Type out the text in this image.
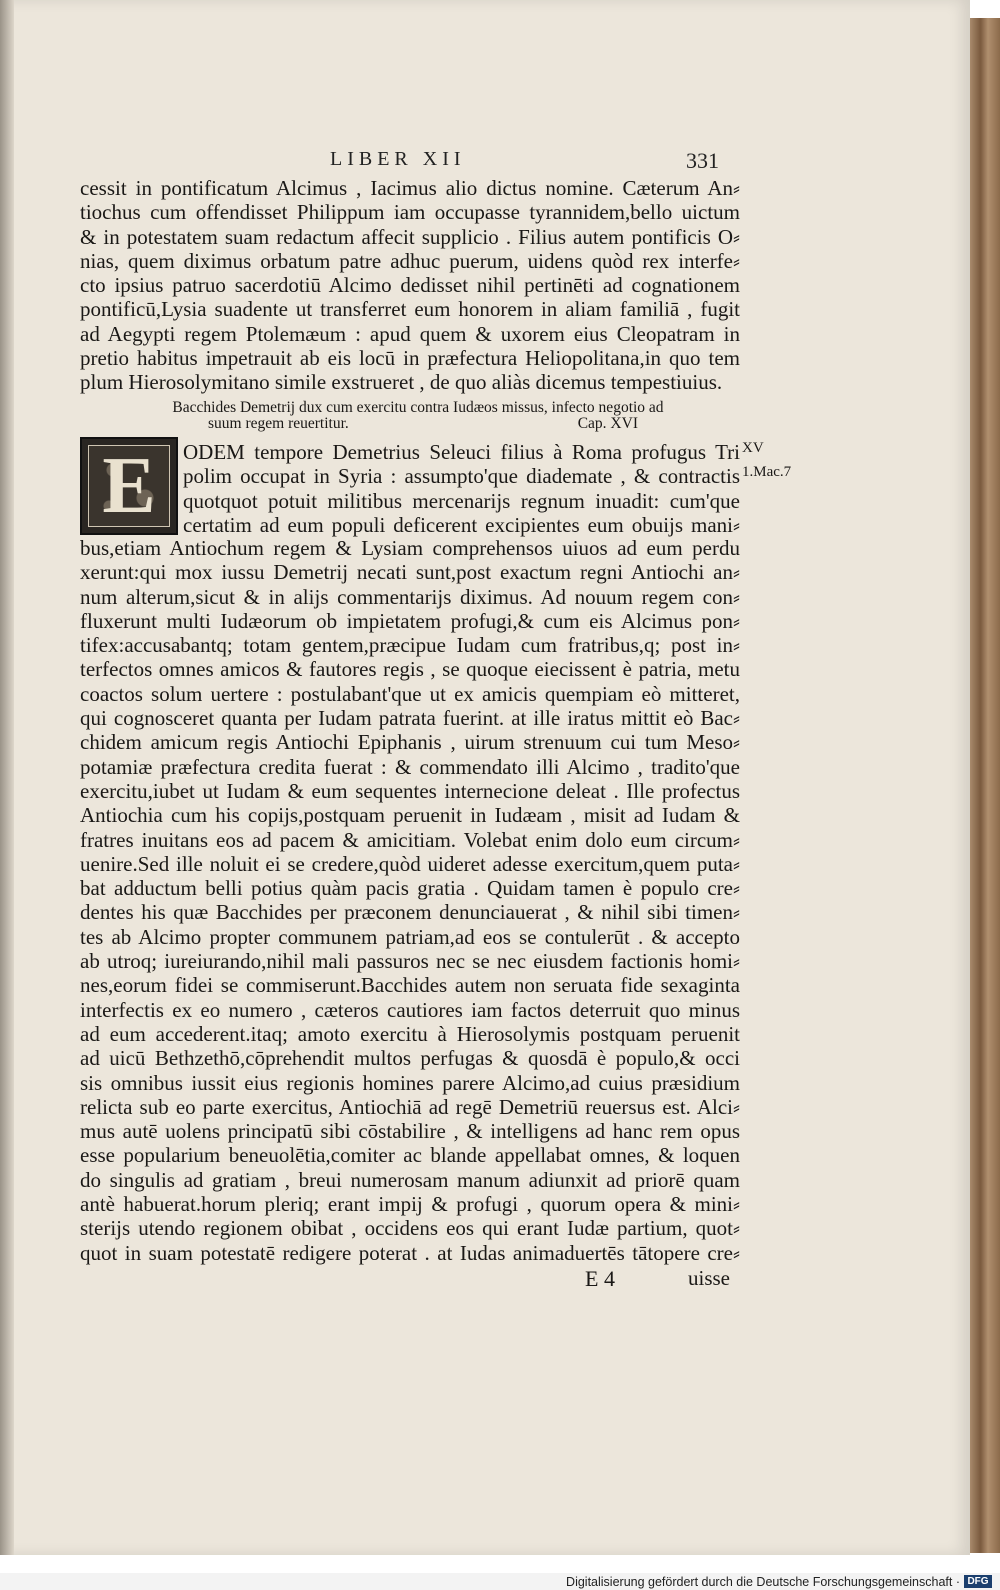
LIBER XII	331
cessit in pontificatum Alcimus , Iacimus alio dictus nomine. Cæterum An⸗
tiochus cum offendisset Philippum iam occupasse tyrannidem,bello uictum
& in potestatem suam redactum affecit supplicio . Filius autem pontificis O⸗
nias, quem diximus orbatum patre adhuc puerum, uidens quòd rex interfe⸗
cto ipsius patruo sacerdotiū Alcimo dedisset nihil pertinēti ad cognationem
pontificū,Lysia suadente ut transferret eum honorem in aliam familiā , fugit
ad Aegypti regem Ptolemæum : apud quem & uxorem eius Cleopatram in
pretio habitus impetrauit ab eis locū in præfectura Heliopolitana,in quo tem
plum Hierosolymitano simile exstrueret , de quo aliàs dicemus tempestiuius.
Bacchides Demetrij dux cum exercitu contra Iudæos missus, infecto negotio ad
suum regem reuertitur.	Cap. XVI
E	ODEM tempore Demetrius Seleuci filius à Roma profugus Tri
polim occupat in Syria : assumpto'que diademate , & contractis
quotquot potuit militibus mercenarijs regnum inuadit: cum'que
certatim ad eum populi deficerent excipientes eum obuijs mani⸗
XV
1.Mac.7
bus,etiam Antiochum regem & Lysiam comprehensos uiuos ad eum perdu
xerunt:qui mox iussu Demetrij necati sunt,post exactum regni Antiochi an⸗
num alterum,sicut & in alijs commentarijs diximus. Ad nouum regem con⸗
fluxerunt multi Iudæorum ob impietatem profugi,& cum eis Alcimus pon⸗
tifex:accusabantq; totam gentem,præcipue Iudam cum fratribus,q; post in⸗
terfectos omnes amicos & fautores regis , se quoque eiecissent è patria, metu
coactos solum uertere : postulabant'que ut ex amicis quempiam eò mitteret,
qui cognosceret quanta per Iudam patrata fuerint. at ille iratus mittit eò Bac⸗
chidem amicum regis Antiochi Epiphanis , uirum strenuum cui tum Meso⸗
potamiæ præfectura credita fuerat : & commendato illi Alcimo , tradito'que
exercitu,iubet ut Iudam & eum sequentes internecione deleat . Ille profectus
Antiochia cum his copijs,postquam peruenit in Iudæam , misit ad Iudam &
fratres inuitans eos ad pacem & amicitiam. Volebat enim dolo eum circum⸗
uenire.Sed ille noluit ei se credere,quòd uideret adesse exercitum,quem puta⸗
bat adductum belli potius quàm pacis gratia . Quidam tamen è populo cre⸗
dentes his quæ Bacchides per præconem denunciauerat , & nihil sibi timen⸗
tes ab Alcimo propter communem patriam,ad eos se contulerūt . & accepto
ab utroq; iureiurando,nihil mali passuros nec se nec eiusdem factionis homi⸗
nes,eorum fidei se commiserunt.Bacchides autem non seruata fide sexaginta
interfectis ex eo numero , cæteros cautiores iam factos deterruit quo minus
ad eum accederent.itaq; amoto exercitu à Hierosolymis postquam peruenit
ad uicū Bethzethō,cōprehendit multos perfugas & quosdā è populo,& occi
sis omnibus iussit eius regionis homines parere Alcimo,ad cuius præsidium
relicta sub eo parte exercitus, Antiochiā ad regē Demetriū reuersus est. Alci⸗
mus autē uolens principatū sibi cōstabilire , & intelligens ad hanc rem opus
esse popularium beneuolētia,comiter ac blande appellabat omnes, & loquen
do singulis ad gratiam , breui numerosam manum adiunxit ad priorē quam
antè habuerat.horum pleriq; erant impij & profugi , quorum opera & mini⸗
sterijs utendo regionem obibat , occidens eos qui erant Iudæ partium, quot⸗
quot in suam potestatē redigere poterat . at Iudas animaduertēs tātopere cre⸗
E 4	uisse
Digitalisierung gefördert durch die Deutsche Forschungsgemeinschaft · DFG
